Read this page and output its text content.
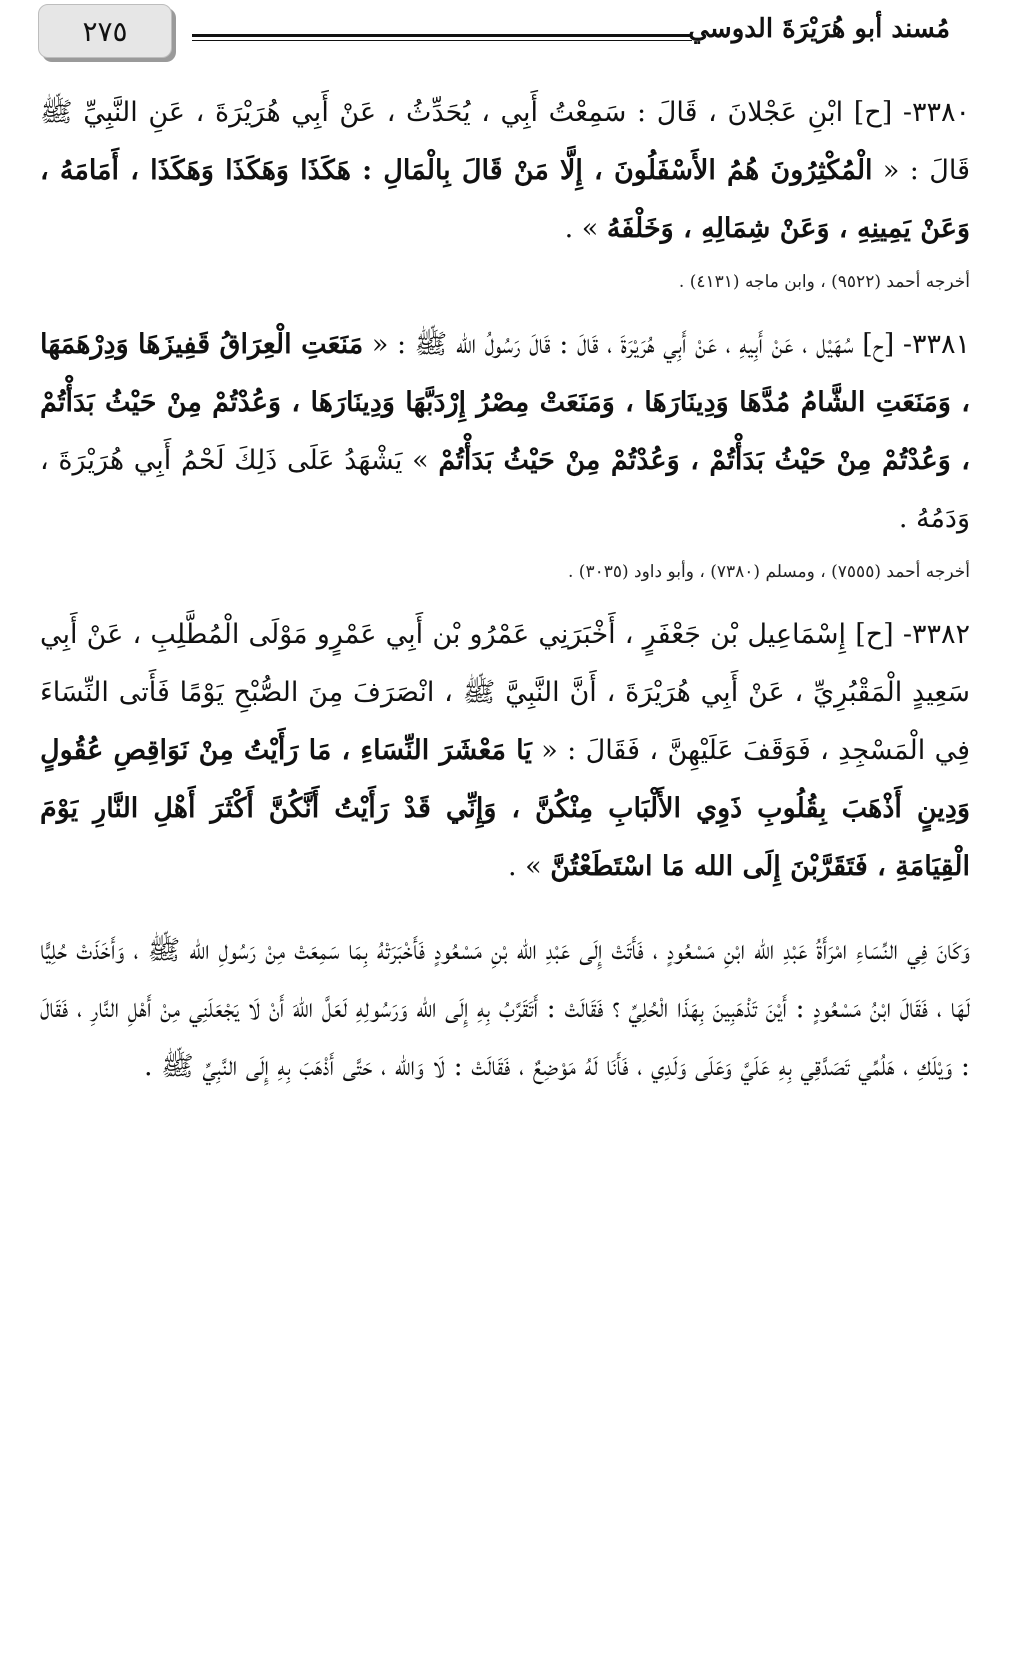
٢٧٥	مُسند أبو هُرَيْرَةَ الدوسي

٣٣٨٠- [ح] ابْنِ عَجْلانَ ، قَالَ : سَمِعْتُ أَبِي ، يُحَدِّثُ ، عَنْ أَبِي هُرَيْرَةَ ، عَنِ النَّبِيِّ ﷺ قَالَ : « الْمُكْثِرُونَ هُمُ الأَسْفَلُونَ ، إِلَّا مَنْ قَالَ بِالْمَالِ : هَكَذَا وَهَكَذَا وَهَكَذَا ، أَمَامَهُ ، وَعَنْ يَمِينِهِ ، وَعَنْ شِمَالِهِ ، وَخَلْفَهُ » .

أخرجه أحمد (٩٥٢٢) ، وابن ماجه (٤١٣١) .

٣٣٨١- [ح] سُهَيْل ، عَنْ أَبِيهِ ، عَنْ أَبِي هُرَيْرَةَ ، قَالَ : قَالَ رَسُولُ الله ﷺ : « مَنَعَتِ الْعِرَاقُ قَفِيزَهَا وَدِرْهَمَهَا ، وَمَنَعَتِ الشَّامُ مُدَّهَا وَدِينَارَهَا ، وَمَنَعَتْ مِصْرُ إِرْدَبَّهَا وَدِينَارَهَا ، وَعُدْتُمْ مِنْ حَيْثُ بَدَأْتُمْ ، وَعُدْتُمْ مِنْ حَيْثُ بَدَأْتُمْ ، وَعُدْتُمْ مِنْ حَيْثُ بَدَأْتُمْ » يَشْهَدُ عَلَى ذَلِكَ لَحْمُ أَبِي هُرَيْرَةَ ، وَدَمُهُ .

أخرجه أحمد (٧٥٥٥) ، ومسلم (٧٣٨٠) ، وأبو داود (٣٠٣٥) .

٣٣٨٢- [ح] إِسْمَاعِيل بْن جَعْفَرٍ ، أَخْبَرَنِي عَمْرُو بْن أَبِي عَمْرٍو مَوْلَى الْمُطَّلِبِ ، عَنْ أَبِي سَعِيدٍ الْمَقْبُرِيِّ ، عَنْ أَبِي هُرَيْرَةَ ، أَنَّ النَّبِيَّ ﷺ ، انْصَرَفَ مِنَ الصُّبْحِ يَوْمًا فَأَتى النِّسَاءَ فِي الْمَسْجِدِ ، فَوَقَفَ عَلَيْهِنَّ ، فَقَالَ : « يَا مَعْشَرَ النِّسَاءِ ، مَا رَأَيْتُ مِنْ نَوَاقِصِ عُقُولٍ وَدِينٍ أَذْهَبَ بِقُلُوبِ ذَوِي الأَلْبَابِ مِنْكُنَّ ، وَإِنِّي قَدْ رَأَيْتُ أَنَّكُنَّ أَكْثَرَ أَهْلِ النَّارِ يَوْمَ الْقِيَامَةِ ، فَتَقَرَّبْنَ إِلَى الله مَا اسْتَطَعْتُنَّ » .

وَكَانَ فِي النِّسَاءِ امْرَأَةُ عَبْدِ الله ابْنِ مَسْعُودٍ ، فَأَتَتْ إِلَى عَبْدِ الله بْنِ مَسْعُودٍ فَأَخْبَرَتْهُ بِمَا سَمِعَتْ مِنْ رَسُولِ الله ﷺ ، وَأَخَذَتْ حُلِيًّا لَهَا ، فَقَالَ ابْنُ مَسْعُودٍ : أَيْنَ تَذْهَبِينَ بِهَذَا الْحُلِيِّ ؟ فَقَالَتْ : أَتَقَرَّبُ بِهِ إِلَى الله وَرَسُولِهِ لَعَلَّ اللهَ أَنْ لَا يَجْعَلَنِي مِنْ أَهْلِ النَّارِ ، فَقَالَ : وَيْلَكِ ، هَلُمِّي تَصَدَّقِي بِهِ عَلَيَّ وَعَلَى وَلَدِي ، فَأَنَا لَهُ مَوْضِعٌ ، فَقَالَتْ : لَا وَالله ، حَتَّى أَذْهَبَ بِهِ إِلَى النَّبِيِّ ﷺ .
